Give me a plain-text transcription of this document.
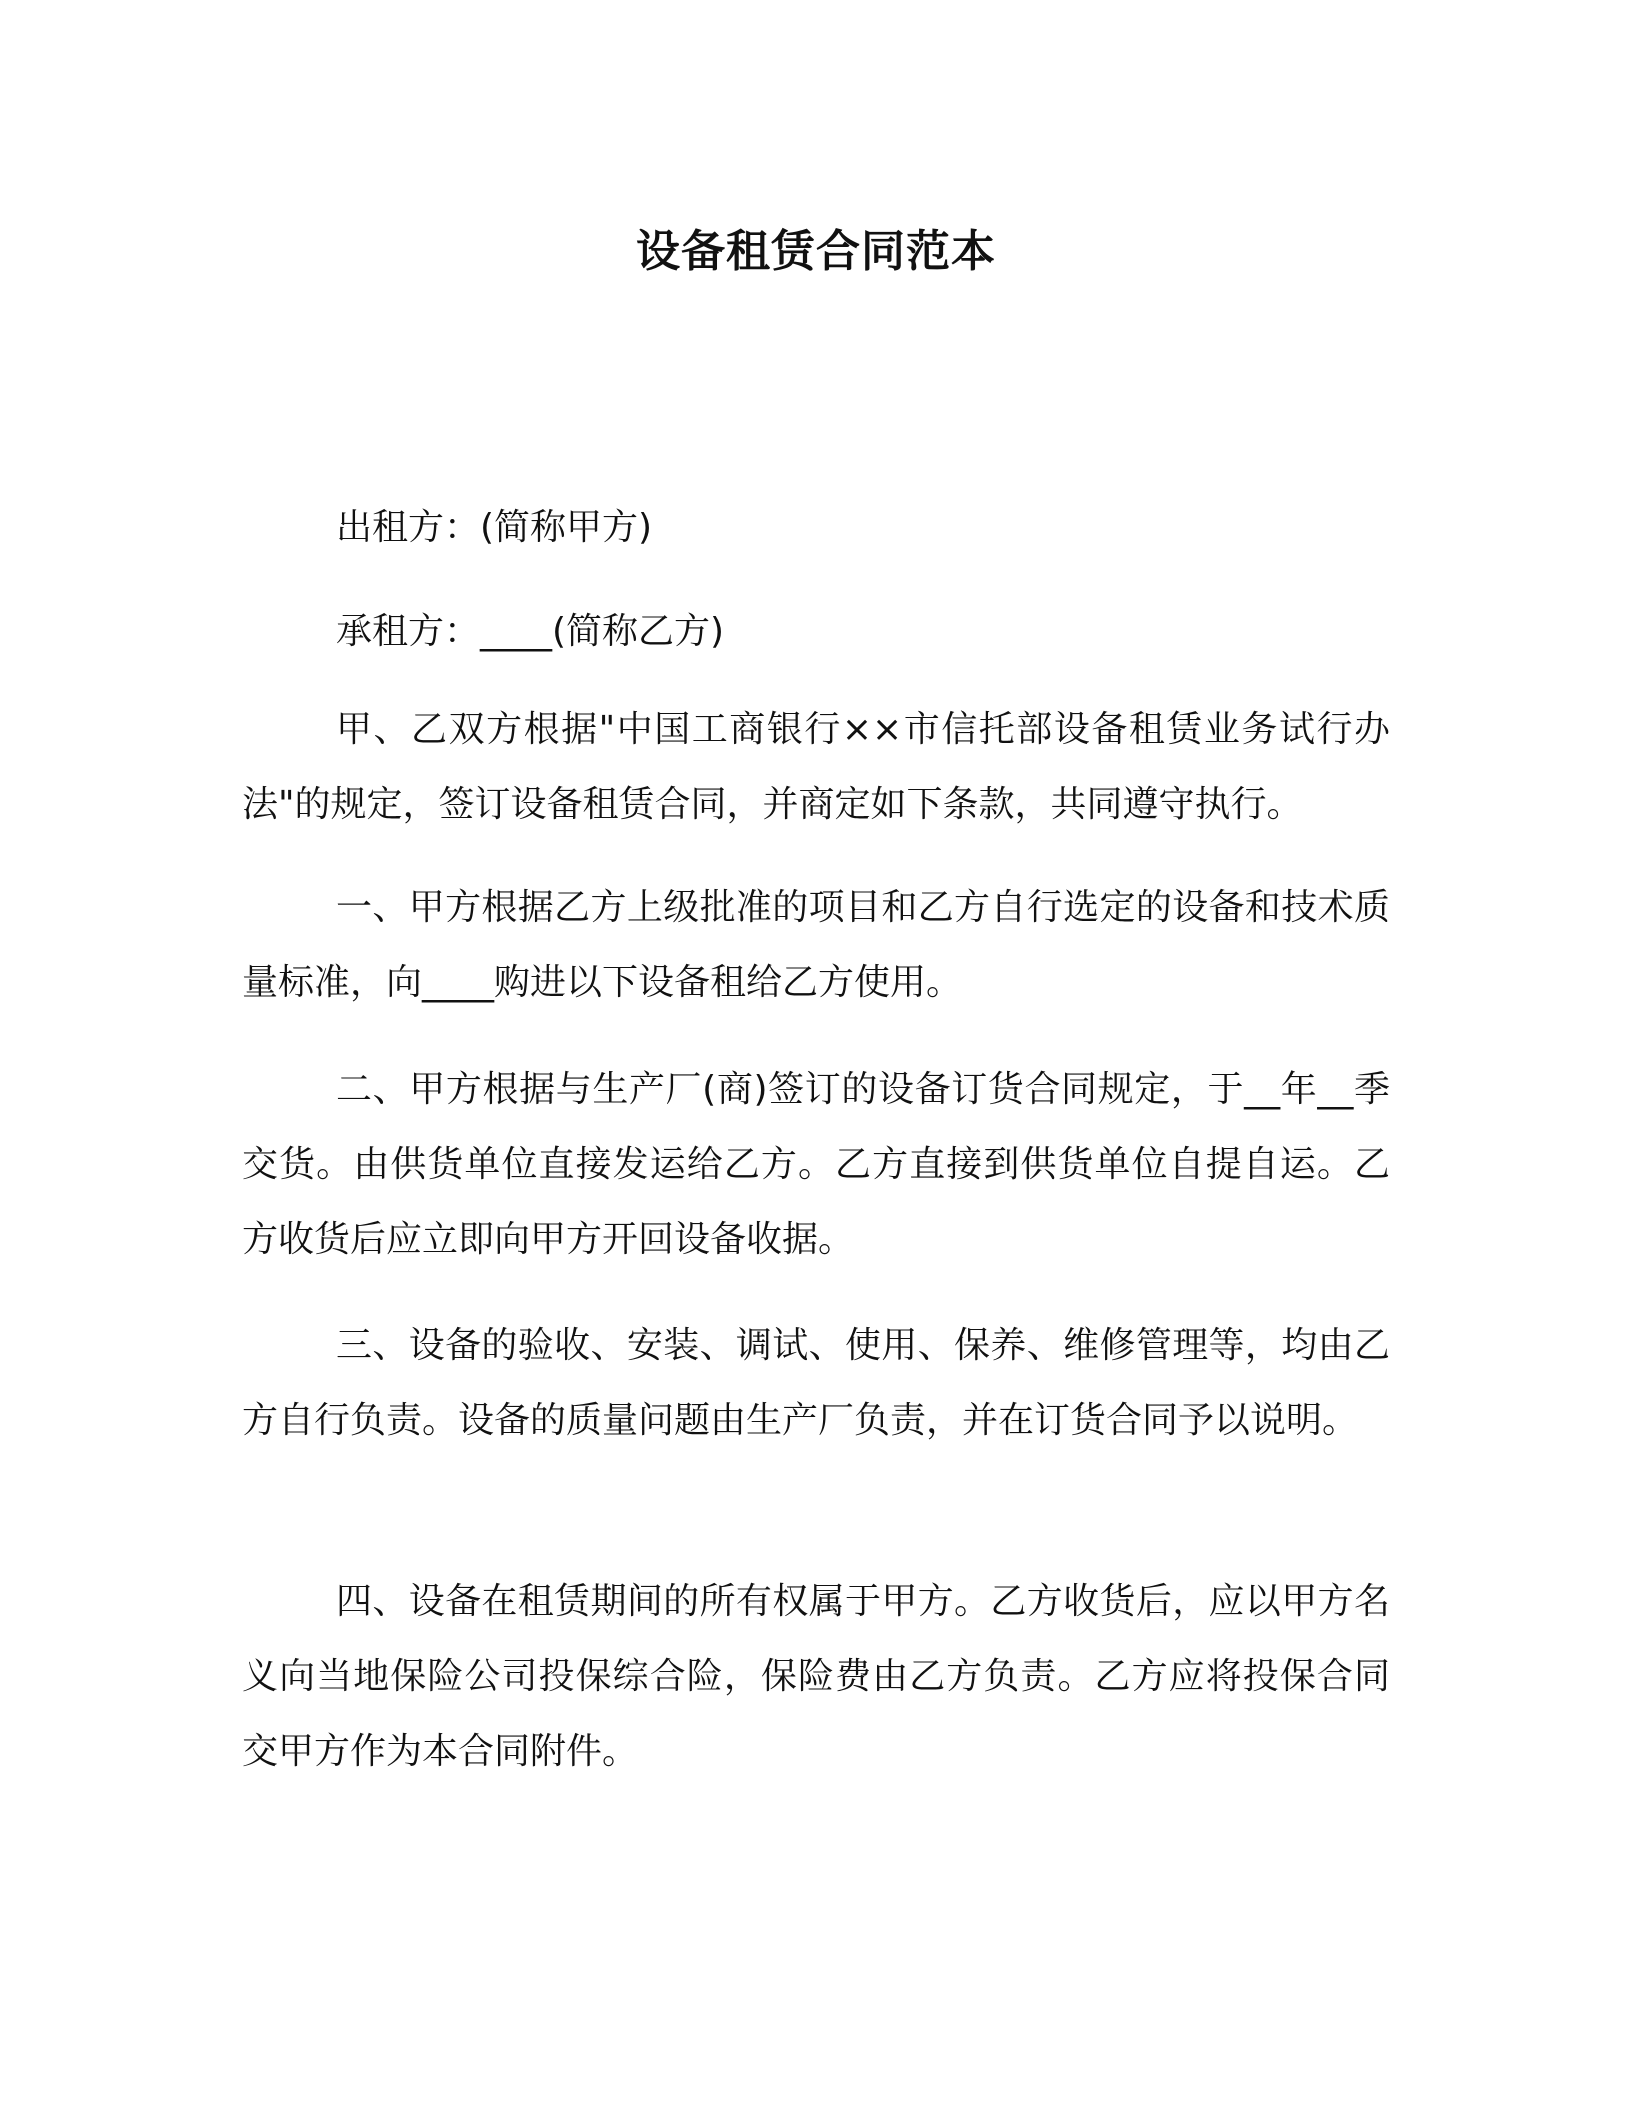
设备租赁合同范本

出租方：(简称甲方)

承租方：____(简称乙方)

甲、乙双方根据"中国工商银行××市信托部设备租赁业务试行办法"的规定，签订设备租赁合同，并商定如下条款，共同遵守执行。

一、甲方根据乙方上级批准的项目和乙方自行选定的设备和技术质量标准，向____购进以下设备租给乙方使用。

二、甲方根据与生产厂(商)签订的设备订货合同规定，于__年__季交货。由供货单位直接发运给乙方。乙方直接到供货单位自提自运。乙方收货后应立即向甲方开回设备收据。

三、设备的验收、安装、调试、使用、保养、维修管理等，均由乙方自行负责。设备的质量问题由生产厂负责，并在订货合同予以说明。

四、设备在租赁期间的所有权属于甲方。乙方收货后，应以甲方名义向当地保险公司投保综合险，保险费由乙方负责。乙方应将投保合同交甲方作为本合同附件。
